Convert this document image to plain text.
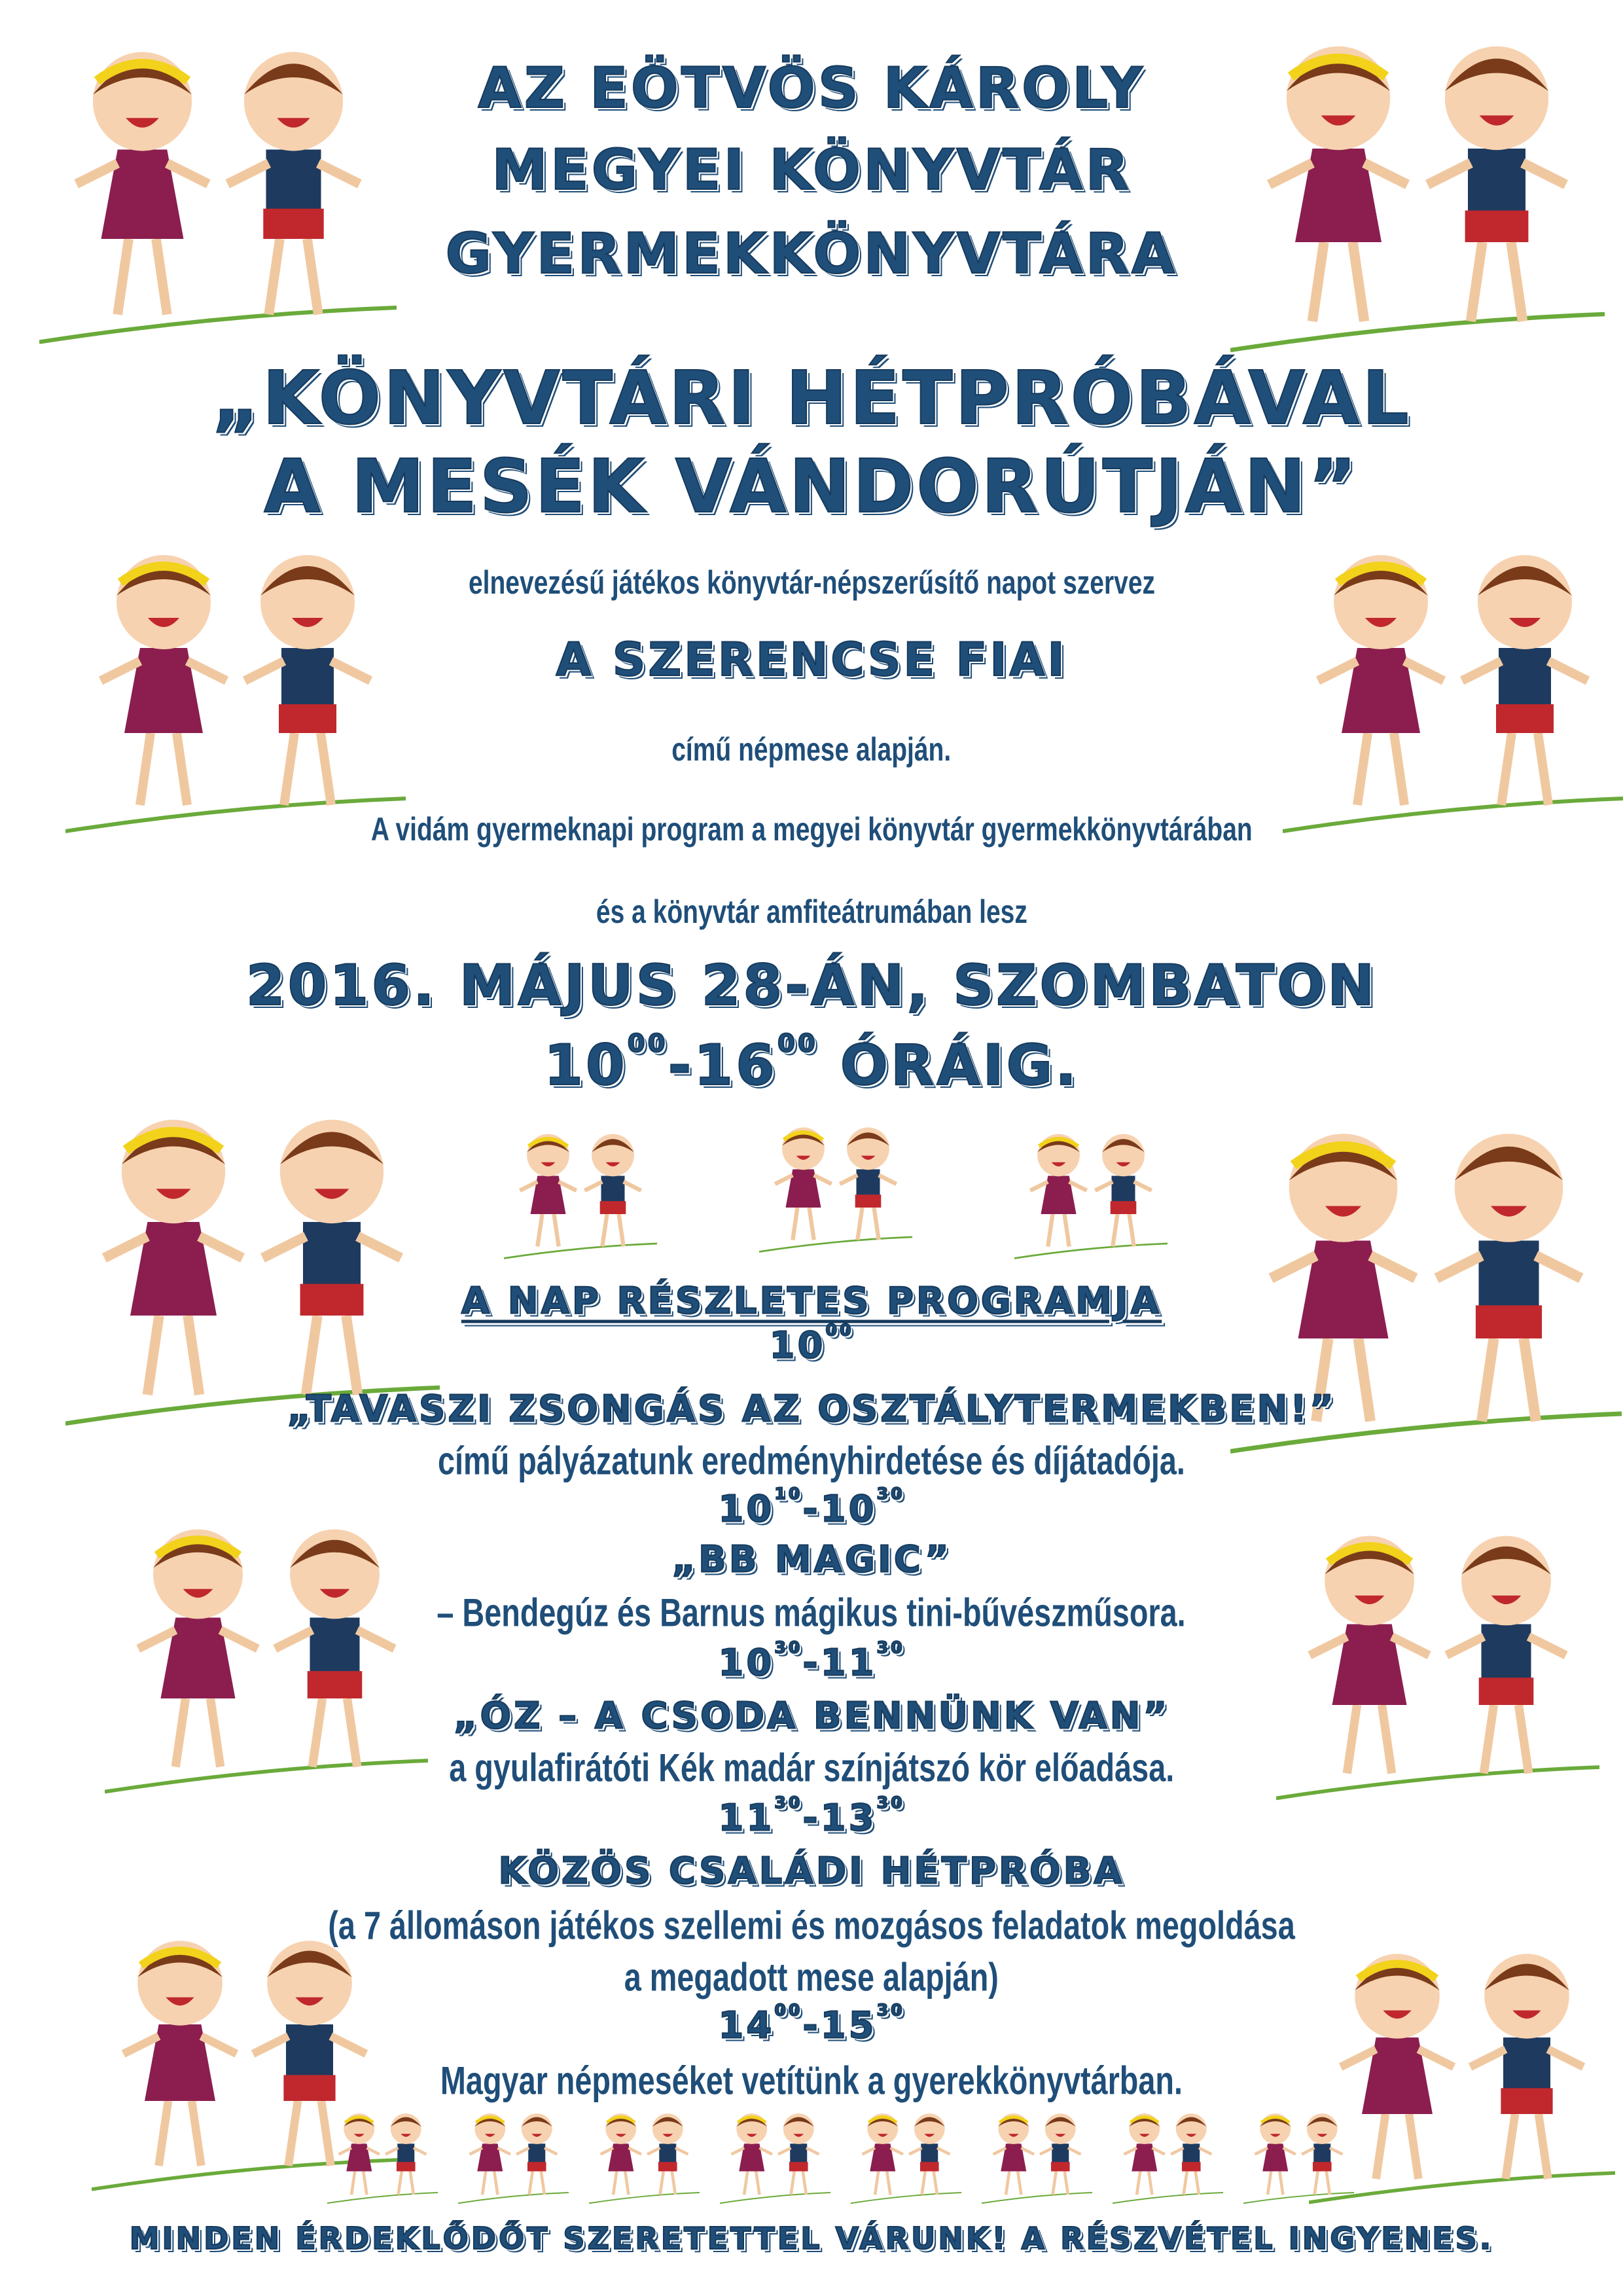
AZ EÖTVÖS KÁROLY
MEGYEI KÖNYVTÁR
GYERMEKKÖNYVTÁRA
„KÖNYVTÁRI HÉTPRÓBÁVAL
A MESÉK VÁNDORÚTJÁN”
elnevezésű játékos könyvtár-népszerűsítő napot szervez
A SZERENCSE FIAI
című népmese alapján.
A vidám gyermeknapi program a megyei könyvtár gyermekkönyvtárában
és a könyvtár amfiteátrumában lesz
2016. MÁJUS 28-ÁN, SZOMBATON
$10^{00}-16^{00}$ ÓRÁIG.
A NAP RÉSZLETES PROGRAMJA
$10^{00}$
„TAVASZI ZSONGÁS AZ OSZTÁLYTERMEKBEN!”
című pályázatunk eredményhirdetése és díjátadója.
$10^{10}-10^{30}$
„BB MAGIC”
– Bendegúz és Barnus mágikus tini-bűvészműsora.
$10^{30}-11^{30}$
„ÓZ – A CSODA BENNÜNK VAN”
a gyulafirátóti Kék madár színjátszó kör előadása.
$11^{30}-13^{30}$
KÖZÖS CSALÁDI HÉTPRÓBA
(a 7 állomáson játékos szellemi és mozgásos feladatok megoldása
a megadott mese alapján)
$14^{00}-15^{30}$
Magyar népmeséket vetítünk a gyerekkönyvtárban.
MINDEN ÉRDEKLŐDŐT SZERETETTEL VÁRUNK! A RÉSZVÉTEL INGYENES.
